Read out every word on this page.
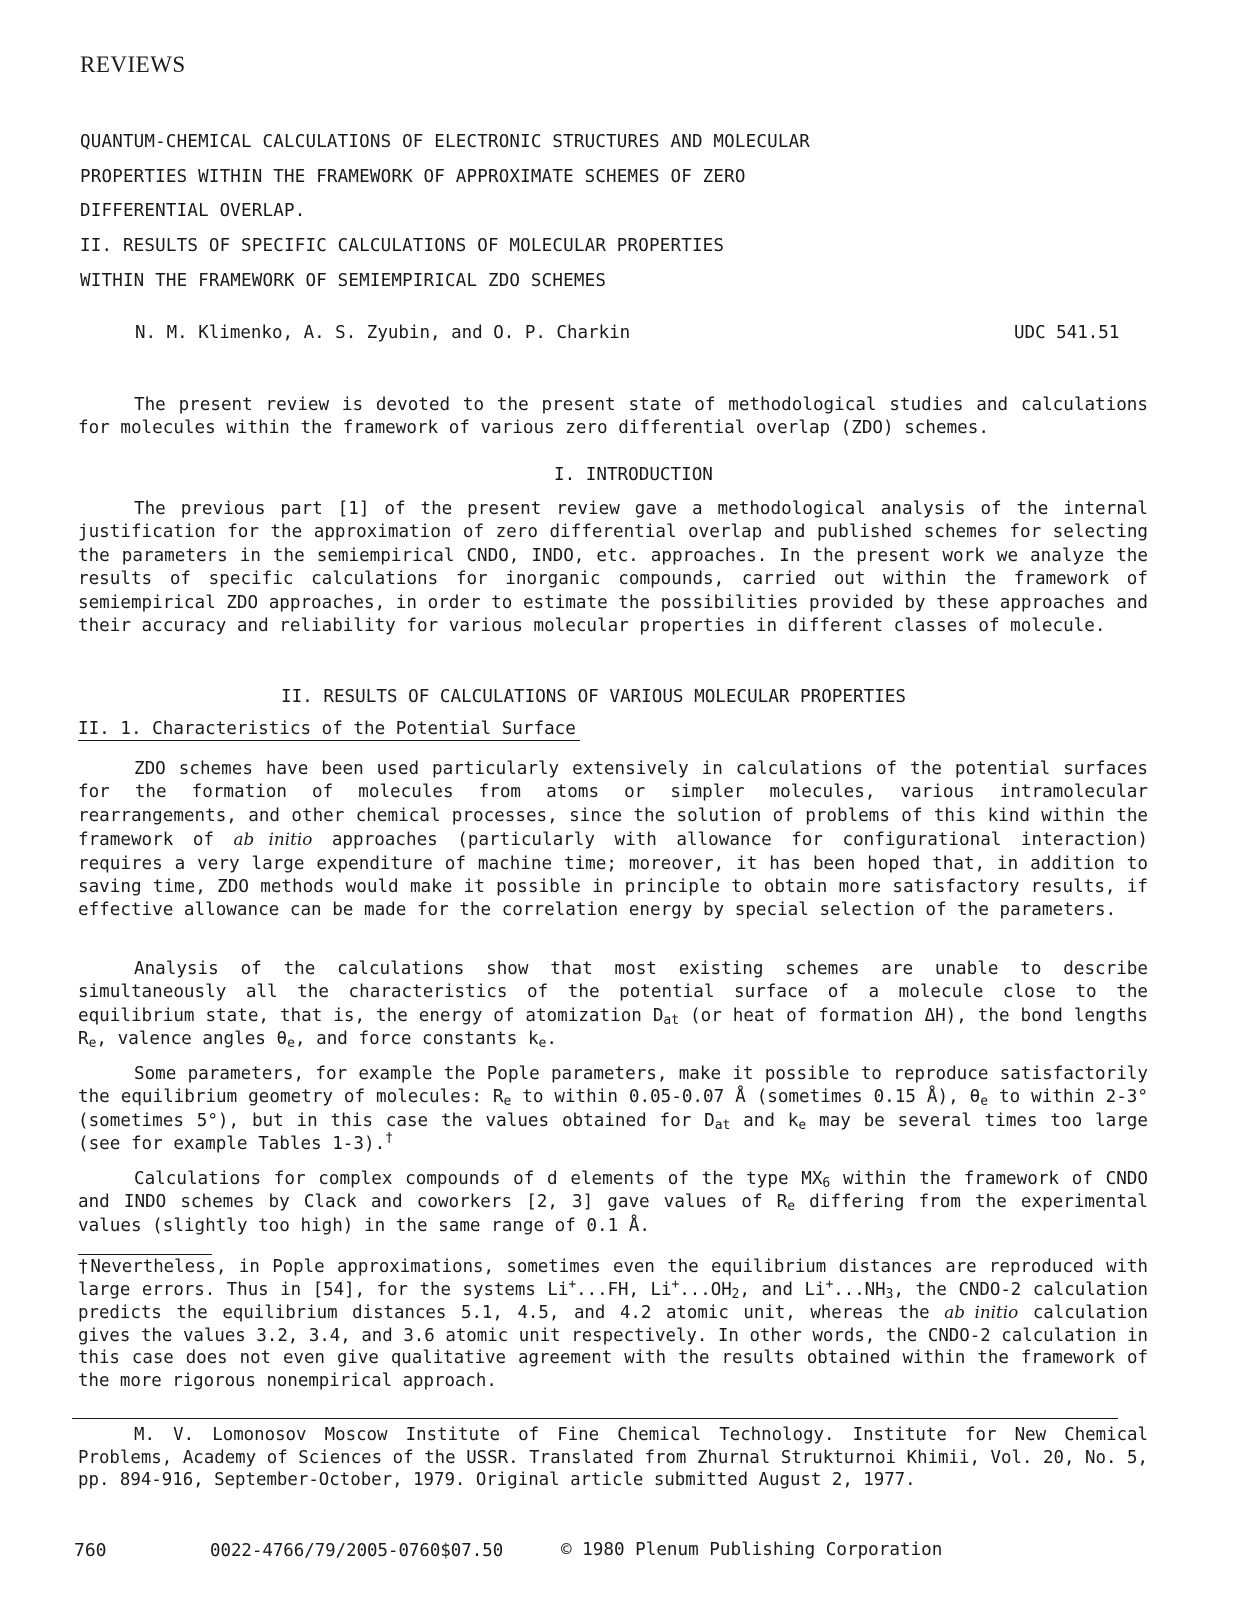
REVIEWS
QUANTUM-CHEMICAL CALCULATIONS OF ELECTRONIC STRUCTURES AND MOLECULAR
PROPERTIES WITHIN THE FRAMEWORK OF APPROXIMATE SCHEMES OF ZERO
DIFFERENTIAL OVERLAP.
II. RESULTS OF SPECIFIC CALCULATIONS OF MOLECULAR PROPERTIES
WITHIN THE FRAMEWORK OF SEMIEMPIRICAL ZDO SCHEMES
N. M. Klimenko, A. S. Zyubin, and O. P. Charkin	UDC 541.51

The present review is devoted to the present state of methodological studies and calculations for molecules within the framework of various zero differential overlap (ZDO) schemes.

I. INTRODUCTION

The previous part [1] of the present review gave a methodological analysis of the internal justification for the approximation of zero differential overlap and published schemes for selecting the parameters in the semiempirical CNDO, INDO, etc. approaches. In the present work we analyze the results of specific calculations for inorganic compounds, carried out within the framework of semiempirical ZDO approaches, in order to estimate the possibilities provided by these approaches and their accuracy and reliability for various molecular properties in different classes of molecule.

II. RESULTS OF CALCULATIONS OF VARIOUS MOLECULAR PROPERTIES
II. 1. Characteristics of the Potential Surface

ZDO schemes have been used particularly extensively in calculations of the potential surfaces for the formation of molecules from atoms or simpler molecules, various intramolecular rearrangements, and other chemical processes, since the solution of problems of this kind within the framework of ab initio approaches (particularly with allowance for configurational interaction) requires a very large expenditure of machine time; moreover, it has been hoped that, in addition to saving time, ZDO methods would make it possible in principle to obtain more satisfactory results, if effective allowance can be made for the correlation energy by special selection of the parameters.

Analysis of the calculations show that most existing schemes are unable to describe simultaneously all the characteristics of the potential surface of a molecule close to the equilibrium state, that is, the energy of atomization $D_{at}$ (or heat of formation ΔH), the bond lengths $R_e$, valence angles $\theta_e$, and force constants $k_e$.

Some parameters, for example the Pople parameters, make it possible to reproduce satisfactorily the equilibrium geometry of molecules: $R_e$ to within 0.05-0.07 Å (sometimes 0.15 Å), $\theta_e$ to within 2-3° (sometimes 5°), but in this case the values obtained for $D_{at}$ and $k_e$ may be several times too large (see for example Tables 1-3).†

Calculations for complex compounds of d elements of the type $MX_6$ within the framework of CNDO and INDO schemes by Clack and coworkers [2, 3] gave values of $R_e$ differing from the experimental values (slightly too high) in the same range of 0.1 Å.

†Nevertheless, in Pople approximations, sometimes even the equilibrium distances are reproduced with large errors. Thus in [54], for the systems Li+...FH, $Li^+...OH_2$, and $Li^+...NH_3$, the CNDO-2 calculation predicts the equilibrium distances 5.1, 4.5, and 4.2 atomic unit, whereas the ab initio calculation gives the values 3.2, 3.4, and 3.6 atomic unit respectively. In other words, the CNDO-2 calculation in this case does not even give qualitative agreement with the results obtained within the framework of the more rigorous nonempirical approach.

M. V. Lomonosov Moscow Institute of Fine Chemical Technology. Institute for New Chemical Problems, Academy of Sciences of the USSR. Translated from Zhurnal Strukturnoi Khimii, Vol. 20, No. 5, pp. 894-916, September-October, 1979. Original article submitted August 2, 1977.

760	0022-4766/79/2005-0760$07.50	© 1980 Plenum Publishing Corporation
